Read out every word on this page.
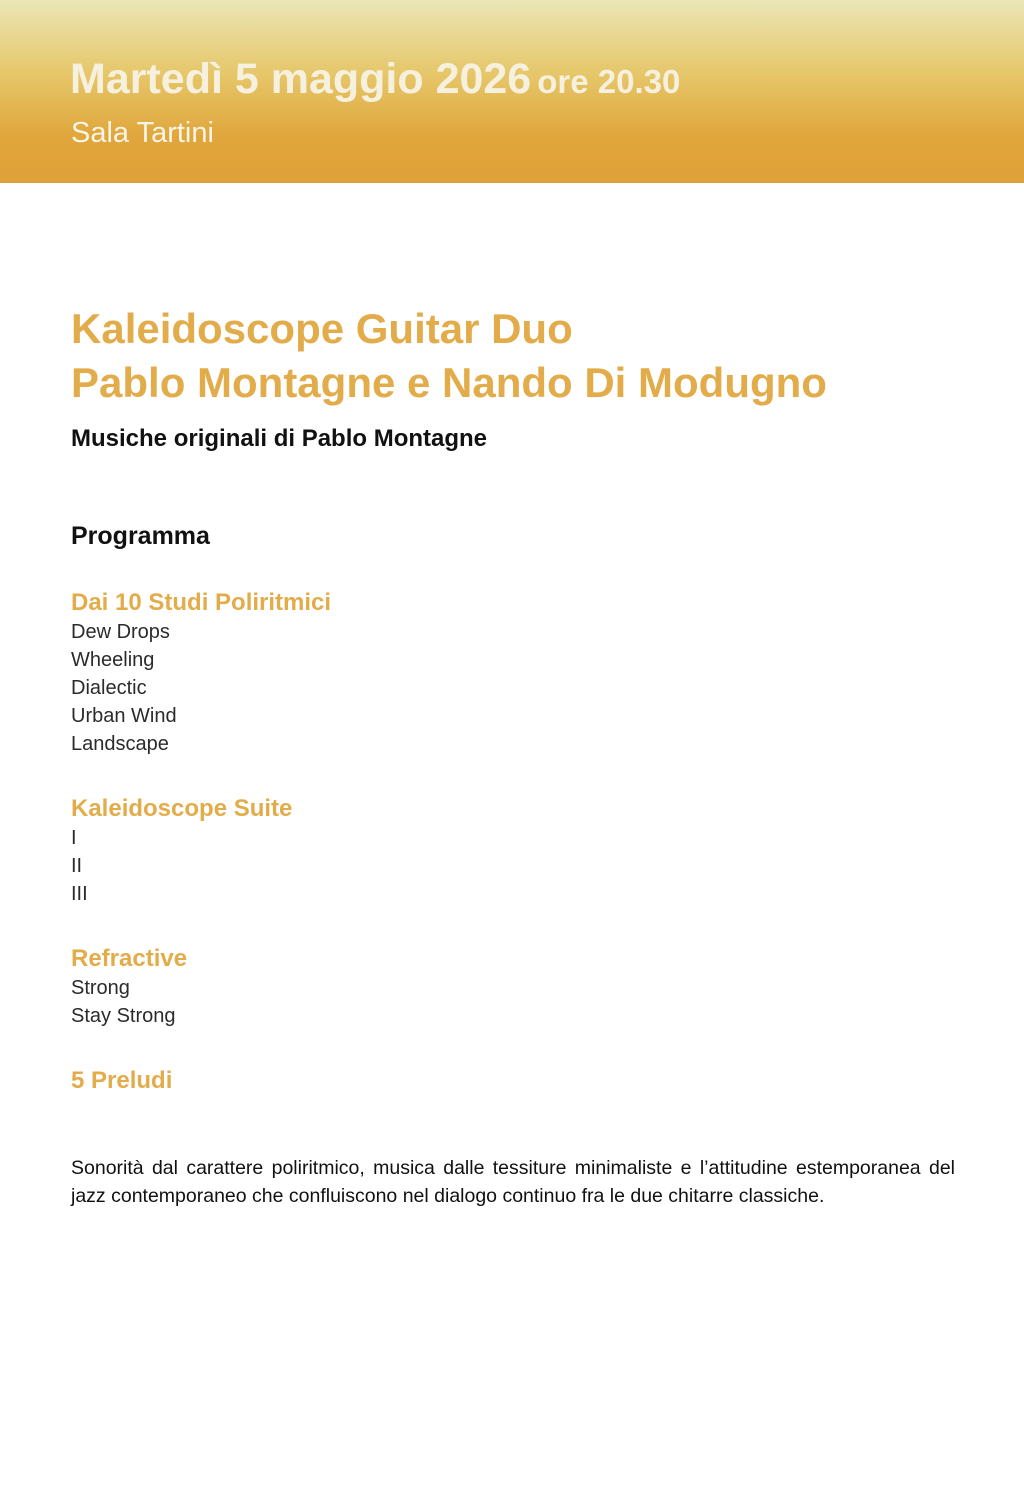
Martedì 5 maggio 2026 ore 20.30

Sala Tartini

Kaleidoscope Guitar Duo
Pablo Montagne e Nando Di Modugno

Musiche originali di Pablo Montagne

Programma
Dai 10 Studi Poliritmici
Dew Drops
Wheeling
Dialectic
Urban Wind
Landscape
Kaleidoscope Suite
I
II
III
Refractive
Strong
Stay Strong
5 Preludi

Sonorità dal carattere poliritmico, musica dalle tessiture minimaliste e l’attitudine estemporanea del jazz contemporaneo che confluiscono nel dialogo continuo fra le due chitarre classiche.
